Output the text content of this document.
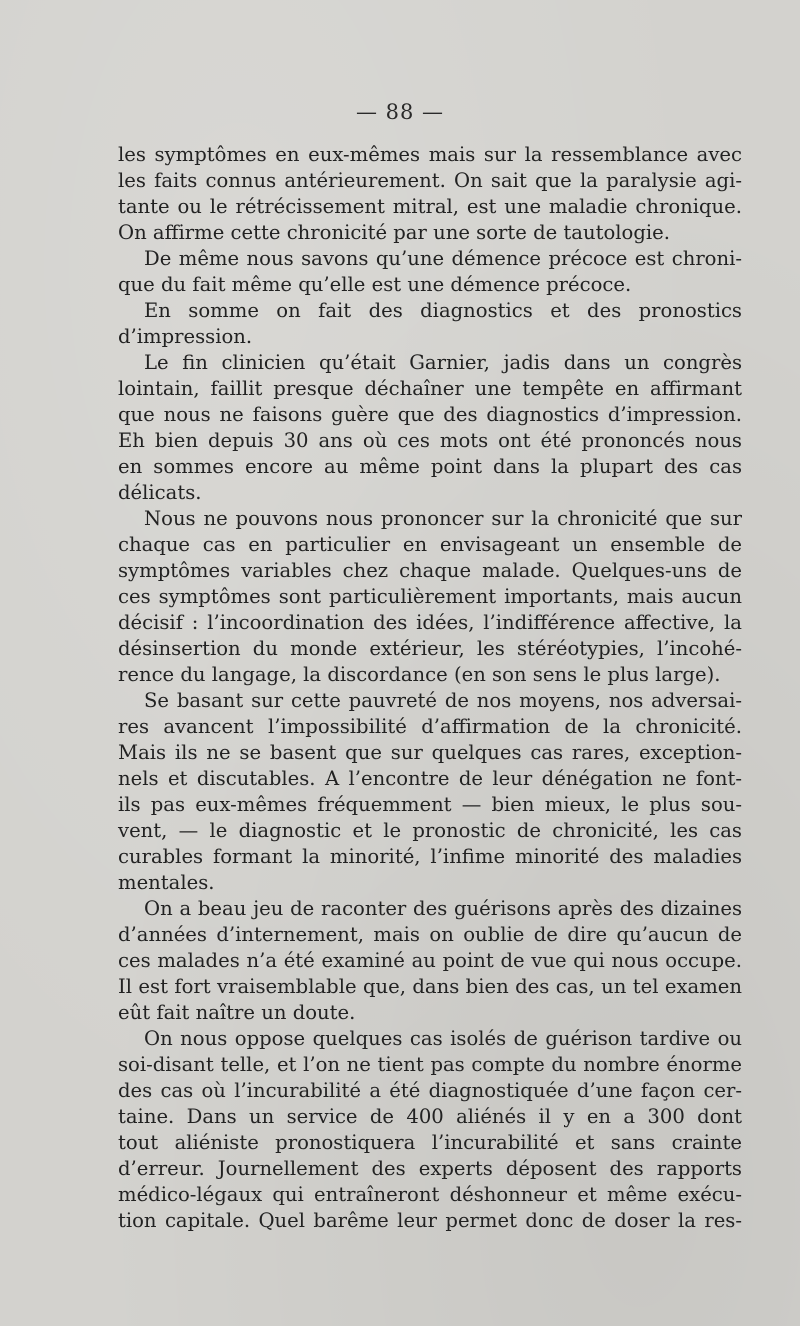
— 88 —
les symptômes en eux-mêmes mais sur la ressemblance avec
les faits connus antérieurement. On sait que la paralysie agi-
tante ou le rétrécissement mitral, est une maladie chronique.
On affirme cette chronicité par une sorte de tautologie.
De même nous savons qu’une démence précoce est chroni-
que du fait même qu’elle est une démence précoce.
En somme on fait des diagnostics et des pronostics
d’impression.
Le fin clinicien qu’était Garnier, jadis dans un congrès
lointain, faillit presque déchaîner une tempête en affirmant
que nous ne faisons guère que des diagnostics d’impression.
Eh bien depuis 30 ans où ces mots ont été prononcés nous
en sommes encore au même point dans la plupart des cas
délicats.
Nous ne pouvons nous prononcer sur la chronicité que sur
chaque cas en particulier en envisageant un ensemble de
symptômes variables chez chaque malade. Quelques-uns de
ces symptômes sont particulièrement importants, mais aucun
décisif : l’incoordination des idées, l’indifférence affective, la
désinsertion du monde extérieur, les stéréotypies, l’incohé-
rence du langage, la discordance (en son sens le plus large).
Se basant sur cette pauvreté de nos moyens, nos adversai-
res avancent l’impossibilité d’affirmation de la chronicité.
Mais ils ne se basent que sur quelques cas rares, exception-
nels et discutables. A l’encontre de leur dénégation ne font-
ils pas eux-mêmes fréquemment — bien mieux, le plus sou-
vent, — le diagnostic et le pronostic de chronicité, les cas
curables formant la minorité, l’infime minorité des maladies
mentales.
On a beau jeu de raconter des guérisons après des dizaines
d’années d’internement, mais on oublie de dire qu’aucun de
ces malades n’a été examiné au point de vue qui nous occupe.
Il est fort vraisemblable que, dans bien des cas, un tel examen
eût fait naître un doute.
On nous oppose quelques cas isolés de guérison tardive ou
soi-disant telle, et l’on ne tient pas compte du nombre énorme
des cas où l’incurabilité a été diagnostiquée d’une façon cer-
taine. Dans un service de 400 aliénés il y en a 300 dont
tout aliéniste pronostiquera l’incurabilité et sans crainte
d’erreur. Journellement des experts déposent des rapports
médico-légaux qui entraîneront déshonneur et même exécu-
tion capitale. Quel barême leur permet donc de doser la res-
